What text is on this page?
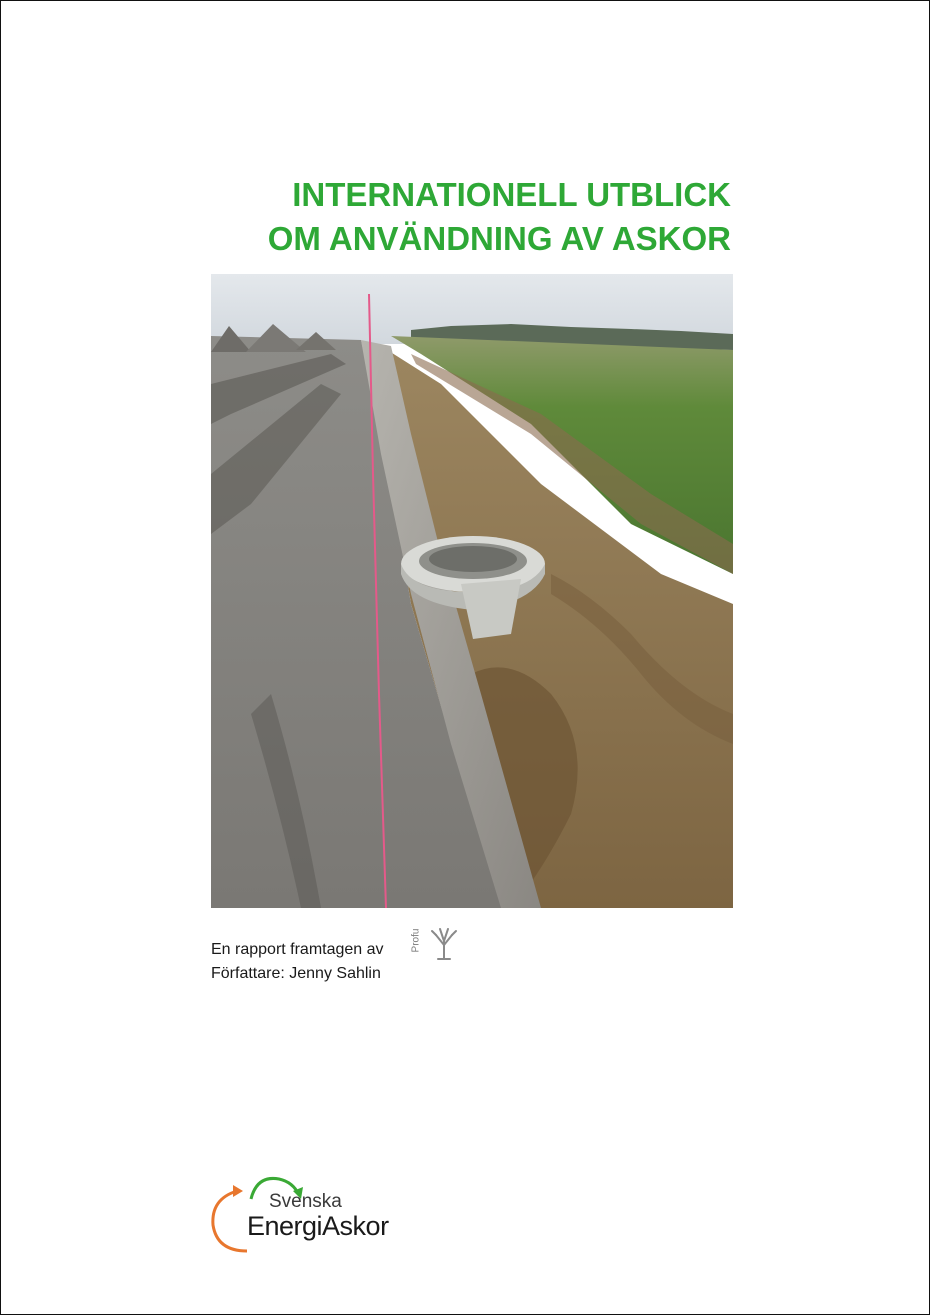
INTERNATIONELL UTBLICK
OM ANVÄNDNING AV ASKOR
En rapport framtagen av
Författare: Jenny Sahlin
Profu
Svenska
EnergiAskor
